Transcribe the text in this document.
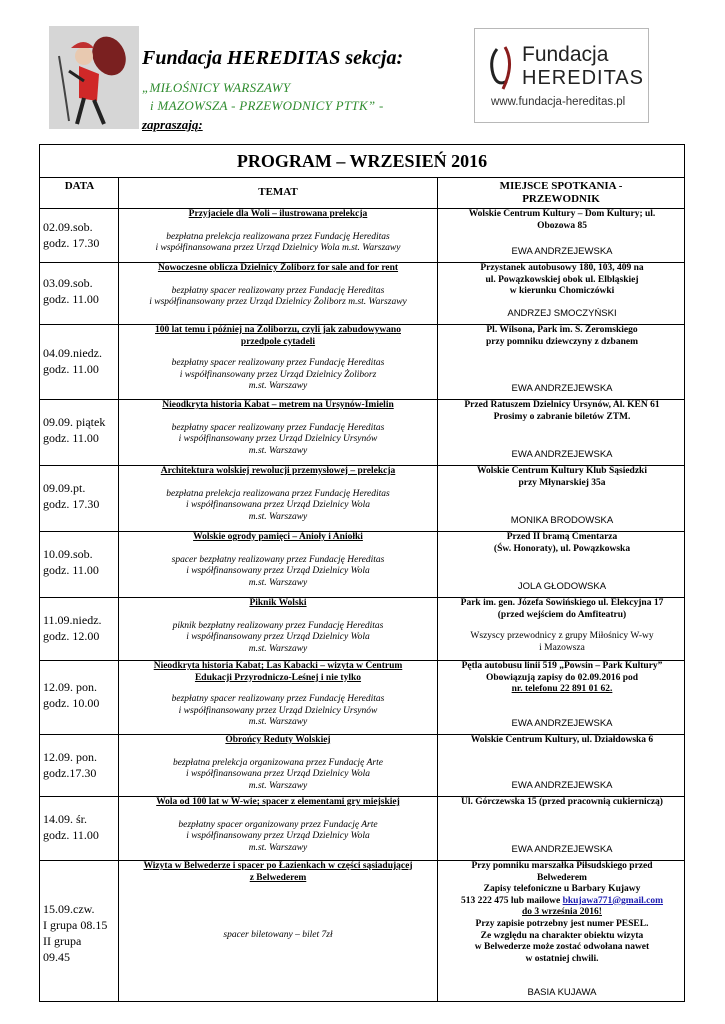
Fundacja HEREDITAS sekcja:
„MIŁOŚNICY WARSZAWY
i MAZOWSZA - PRZEWODNICY PTTK” -
zapraszają:
Fundacja
HEREDITAS
www.fundacja-hereditas.pl
PROGRAM – WRZESIEŃ 2016
DATA	TEMAT	MIEJSCE SPOTKANIA -
PRZEWODNIK
02.09.sob.
godz. 17.30
Przyjaciele dla Woli – ilustrowana prelekcja
bezpłatna prelekcja realizowana przez Fundację Hereditas
i współfinansowana przez Urząd Dzielnicy Wola m.st. Warszawy
Wolskie Centrum Kultury – Dom Kultury; ul.
Obozowa 85
EWA ANDRZEJEWSKA
03.09.sob.
godz. 11.00
Nowoczesne oblicza Dzielnicy Żoliborz for sale and for rent
bezpłatny spacer realizowany przez Fundację Hereditas
i współfinansowany przez Urząd Dzielnicy Żoliborz m.st. Warszawy
Przystanek autobusowy 180, 103, 409 na
ul. Powązkowskiej obok ul. Elbląskiej
w kierunku Chomiczówki
ANDRZEJ SMOCZYŃSKI
04.09.niedz.
godz. 11.00
100 lat temu i później na Żoliborzu, czyli jak zabudowywano
przedpole cytadeli
bezpłatny spacer realizowany przez Fundację Hereditas
i współfinansowany przez Urząd Dzielnicy Żoliborz
m.st. Warszawy
Pl. Wilsona, Park im. S. Żeromskiego
przy pomniku dziewczyny z dzbanem
EWA ANDRZEJEWSKA
09.09. piątek
godz. 11.00
Nieodkryta historia Kabat – metrem na Ursynów-Imielin
bezpłatny spacer realizowany przez Fundację Hereditas
i współfinansowany przez Urząd Dzielnicy Ursynów
m.st. Warszawy
Przed Ratuszem Dzielnicy Ursynów, Al. KEN 61
Prosimy o zabranie biletów ZTM.
EWA ANDRZEJEWSKA
09.09.pt.
godz. 17.30
Architektura wolskiej rewolucji przemysłowej – prelekcja
bezpłatna prelekcja realizowana przez Fundację Hereditas
i współfinansowana przez Urząd Dzielnicy Wola
m.st. Warszawy
Wolskie Centrum Kultury Klub Sąsiedzki
przy Młynarskiej 35a
MONIKA BRODOWSKA
10.09.sob.
godz. 11.00
Wolskie ogrody pamięci – Anioły i Aniołki
spacer bezpłatny realizowany przez Fundację Hereditas
i współfinansowany przez Urząd Dzielnicy Wola
m.st. Warszawy
Przed II bramą Cmentarza
(Św. Honoraty), ul. Powązkowska
JOLA GŁODOWSKA
11.09.niedz.
godz. 12.00
Piknik Wolski
piknik bezpłatny realizowany przez Fundację Hereditas
i współfinansowany przez Urząd Dzielnicy Wola
m.st. Warszawy
Park im. gen. Józefa Sowińskiego ul. Elekcyjna 17
(przed wejściem do Amfiteatru)
Wszyscy przewodnicy z grupy Miłośnicy W-wy
i Mazowsza
12.09. pon.
godz. 10.00
Nieodkryta historia Kabat; Las Kabacki – wizyta w Centrum
Edukacji Przyrodniczo-Leśnej i nie tylko
bezpłatny spacer realizowany przez Fundację Hereditas
i współfinansowany przez Urząd Dzielnicy Ursynów
m.st. Warszawy
Pętla autobusu linii 519 „Powsin – Park Kultury”
Obowiązują zapisy do 02.09.2016 pod
nr. telefonu 22 891 01 62.
EWA ANDRZEJEWSKA
12.09. pon.
godz.17.30
Obrońcy Reduty Wolskiej
bezpłatna prelekcja organizowana przez Fundację Arte
i współfinansowana przez Urząd Dzielnicy Wola
m.st. Warszawy
Wolskie Centrum Kultury, ul. Działdowska 6
EWA ANDRZEJEWSKA
14.09. śr.
godz. 11.00
Wola od 100 lat w W-wie; spacer z elementami gry miejskiej
bezpłatny spacer organizowany przez Fundację Arte
i współfinansowany przez Urząd Dzielnicy Wola
m.st. Warszawy
Ul. Górczewska 15 (przed pracownią cukierniczą)
EWA ANDRZEJEWSKA
15.09.czw.
I grupa 08.15
II grupa
09.45
Wizyta w Belwederze i spacer po Łazienkach w części sąsiadującej
z Belwederem
spacer biletowany – bilet 7zł
Przy pomniku marszałka Piłsudskiego przed
Belwederem
Zapisy telefoniczne u Barbary Kujawy
513 222 475 lub mailowe bkujawa771@gmail.com
do 3 września 2016!
Przy zapisie potrzebny jest numer PESEL.
Ze względu na charakter obiektu wizyta
w Belwederze może zostać odwołana nawet
w ostatniej chwili.
BASIA KUJAWA
